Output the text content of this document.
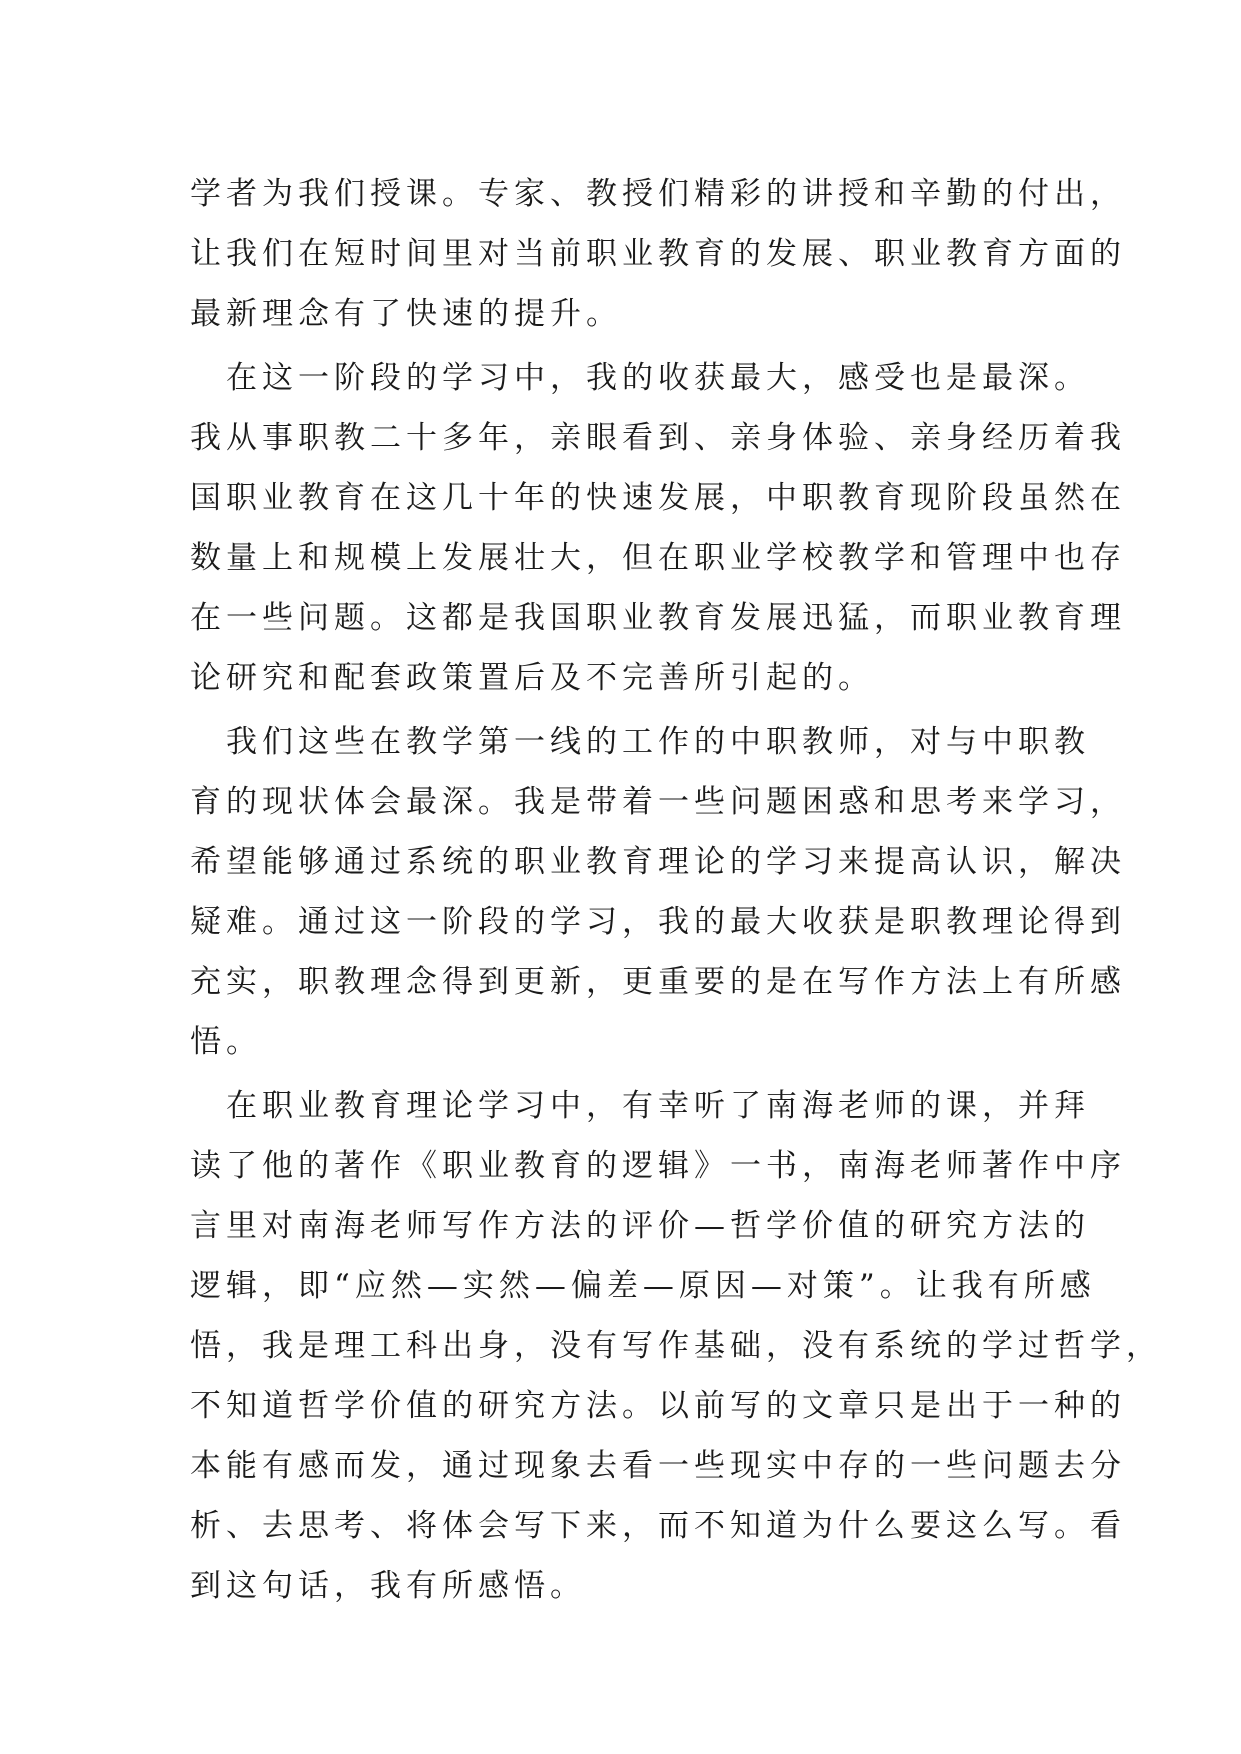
学者为我们授课。专家、教授们精彩的讲授和辛勤的付出，
让我们在短时间里对当前职业教育的发展、职业教育方面的
最新理念有了快速的提升。
　在这一阶段的学习中，我的收获最大，感受也是最深。
我从事职教二十多年，亲眼看到、亲身体验、亲身经历着我
国职业教育在这几十年的快速发展，中职教育现阶段虽然在
数量上和规模上发展壮大，但在职业学校教学和管理中也存
在一些问题。这都是我国职业教育发展迅猛，而职业教育理
论研究和配套政策置后及不完善所引起的。
　我们这些在教学第一线的工作的中职教师，对与中职教
育的现状体会最深。我是带着一些问题困惑和思考来学习，
希望能够通过系统的职业教育理论的学习来提高认识，解决
疑难。通过这一阶段的学习，我的最大收获是职教理论得到
充实，职教理念得到更新，更重要的是在写作方法上有所感
悟。
　在职业教育理论学习中，有幸听了南海老师的课，并拜
读了他的著作《职业教育的逻辑》一书，南海老师著作中序
言里对南海老师写作方法的评价—哲学价值的研究方法的
逻辑，即“应然—实然—偏差—原因—对策”。让我有所感
悟，我是理工科出身，没有写作基础，没有系统的学过哲学，
不知道哲学价值的研究方法。以前写的文章只是出于一种的
本能有感而发，通过现象去看一些现实中存的一些问题去分
析、去思考、将体会写下来，而不知道为什么要这么写。看
到这句话，我有所感悟。
